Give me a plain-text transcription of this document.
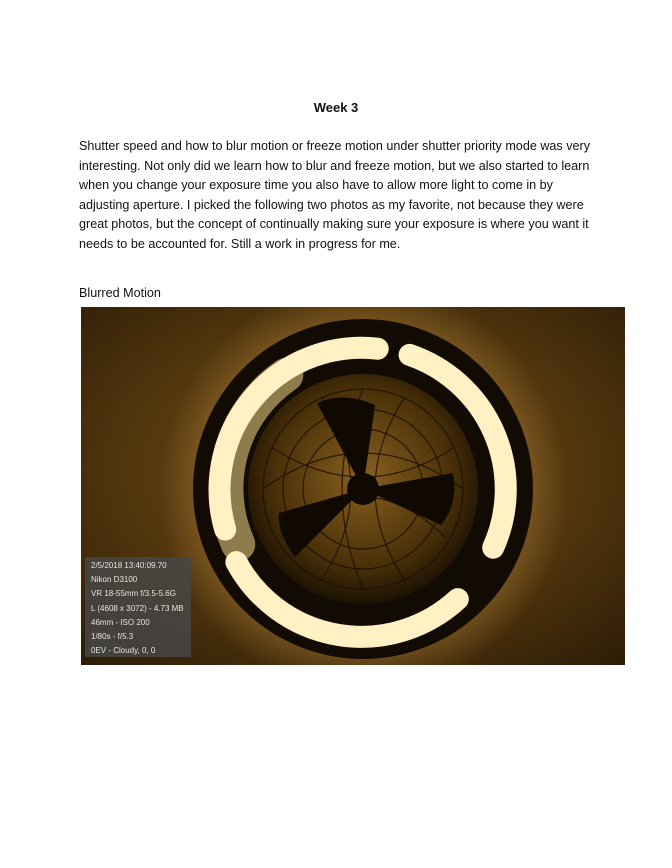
Week 3
Shutter speed and how to blur motion or freeze motion under shutter priority mode was very interesting. Not only did we learn how to blur and freeze motion, but we also started to learn when you change your exposure time you also have to allow more light to come in by adjusting aperture. I picked the following two photos as my favorite, not because they were great photos, but the concept of continually making sure your exposure is where you want it needs to be accounted for. Still a work in progress for me.
Blurred Motion
2/5/2018 13:40:09.70
Nikon D3100
VR 18-55mm f/3.5-5.6G
L (4608 x 3072) - 4.73 MB
46mm - ISO 200
1/80s - f/5.3
0EV - Cloudy, 0, 0
